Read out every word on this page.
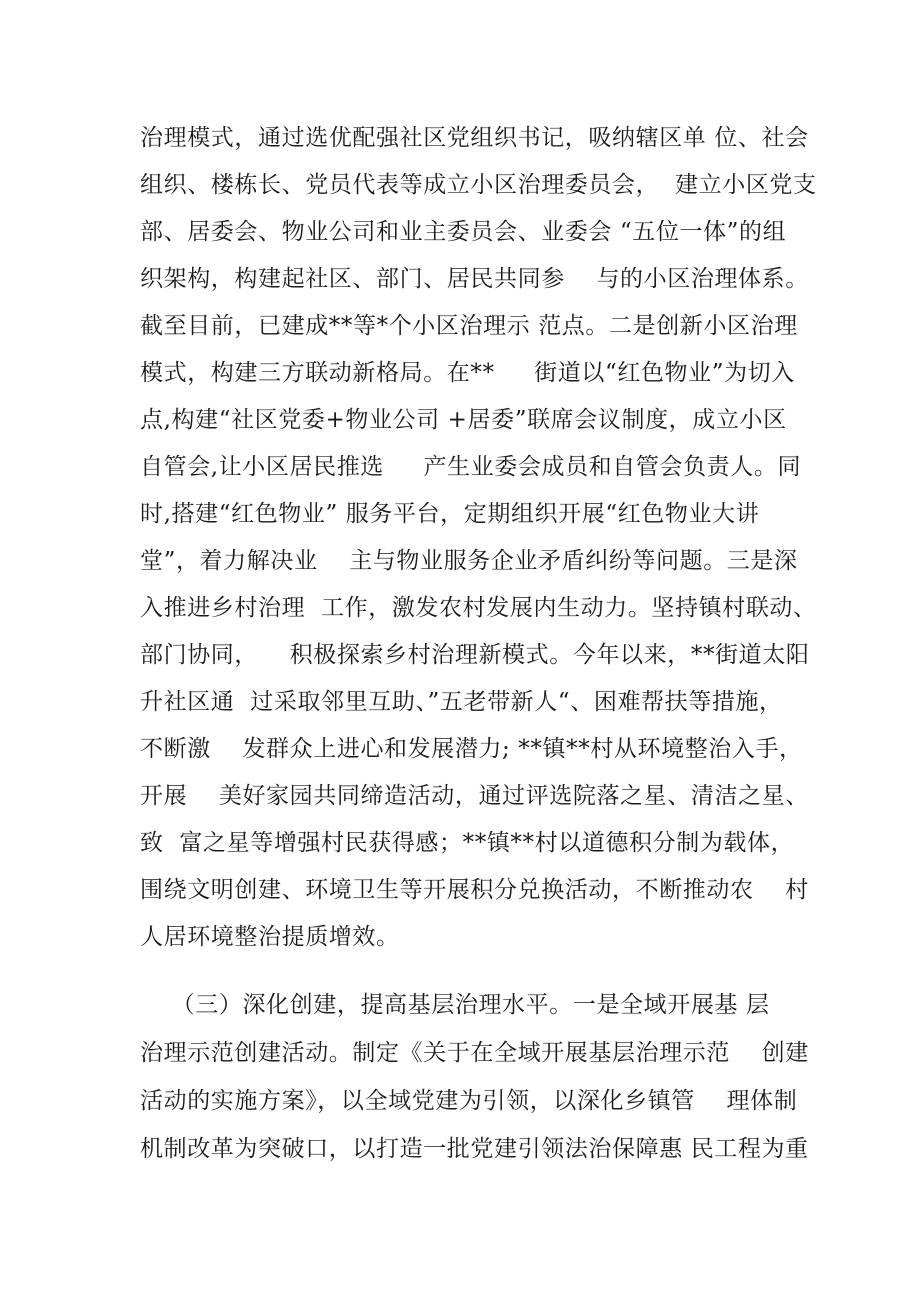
治理模式，通过选优配强社区党组织书记，吸纳辖区单 位、社会
组织、楼栋长、党员代表等成立小区治理委员会，  建立小区党支
部、居委会、物业公司和业主委员会、业委会 “五位一体”的组
织架构，构建起社区、部门、居民共同参    与的小区治理体系。
截至目前，已建成**等*个小区治理示 范点。二是创新小区治理
模式，构建三方联动新格局。在**     街道以“红色物业”为切入
点,构建“社区党委+物业公司 +居委”联席会议制度，成立小区
自管会,让小区居民推选     产生业委会成员和自管会负责人。同
时,搭建“红色物业” 服务平台，定期组织开展“红色物业大讲
堂”，着力解决业    主与物业服务企业矛盾纠纷等问题。三是深
入推进乡村治理  工作，激发农村发展内生动力。坚持镇村联动、
部门协同，    积极探索乡村治理新模式。今年以来，**街道太阳
升社区通  过采取邻里互助、”五老带新人“、困难帮扶等措施，
不断激    发群众上进心和发展潜力; **镇**村从环境整治入手，
开展    美好家园共同缔造活动，通过评选院落之星、清洁之星、
致  富之星等增强村民获得感；**镇**村以道德积分制为载体，
围绕文明创建、环境卫生等开展积分兑换活动，不断推动农    村
人居环境整治提质增效。
（三）深化创建，提高基层治理水平。一是全域开展基 层
治理示范创建活动。制定《关于在全域开展基层治理示范    创建
活动的实施方案》，以全域党建为引领，以深化乡镇管    理体制
机制改革为突破口，以打造一批党建引领法治保障惠 民工程为重
